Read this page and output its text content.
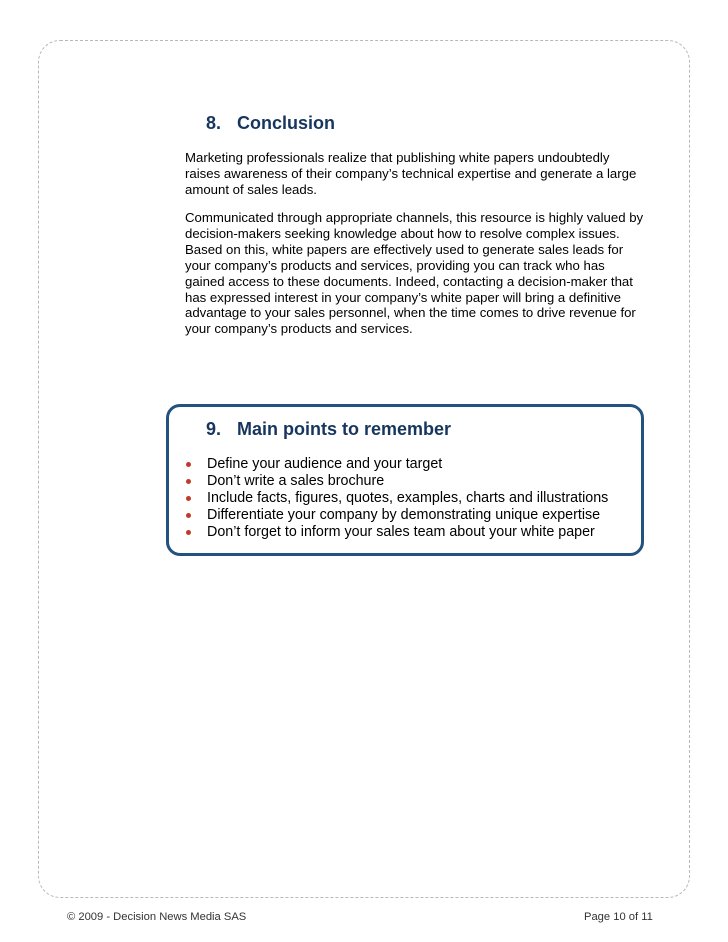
8. Conclusion

Marketing professionals realize that publishing white papers undoubtedly
raises awareness of their company’s technical expertise and generate a large
amount of sales leads.

Communicated through appropriate channels, this resource is highly valued by
decision-makers seeking knowledge about how to resolve complex issues.
Based on this, white papers are effectively used to generate sales leads for
your company’s products and services, providing you can track who has
gained access to these documents. Indeed, contacting a decision-maker that
has expressed interest in your company’s white paper will bring a definitive
advantage to your sales personnel, when the time comes to drive revenue for
your company’s products and services.

9. Main points to remember
Define your audience and your target
Don’t write a sales brochure
Include facts, figures, quotes, examples, charts and illustrations
Differentiate your company by demonstrating unique expertise
Don’t forget to inform your sales team about your white paper
© 2009 - Decision News Media SAS	Page 10 of 11
